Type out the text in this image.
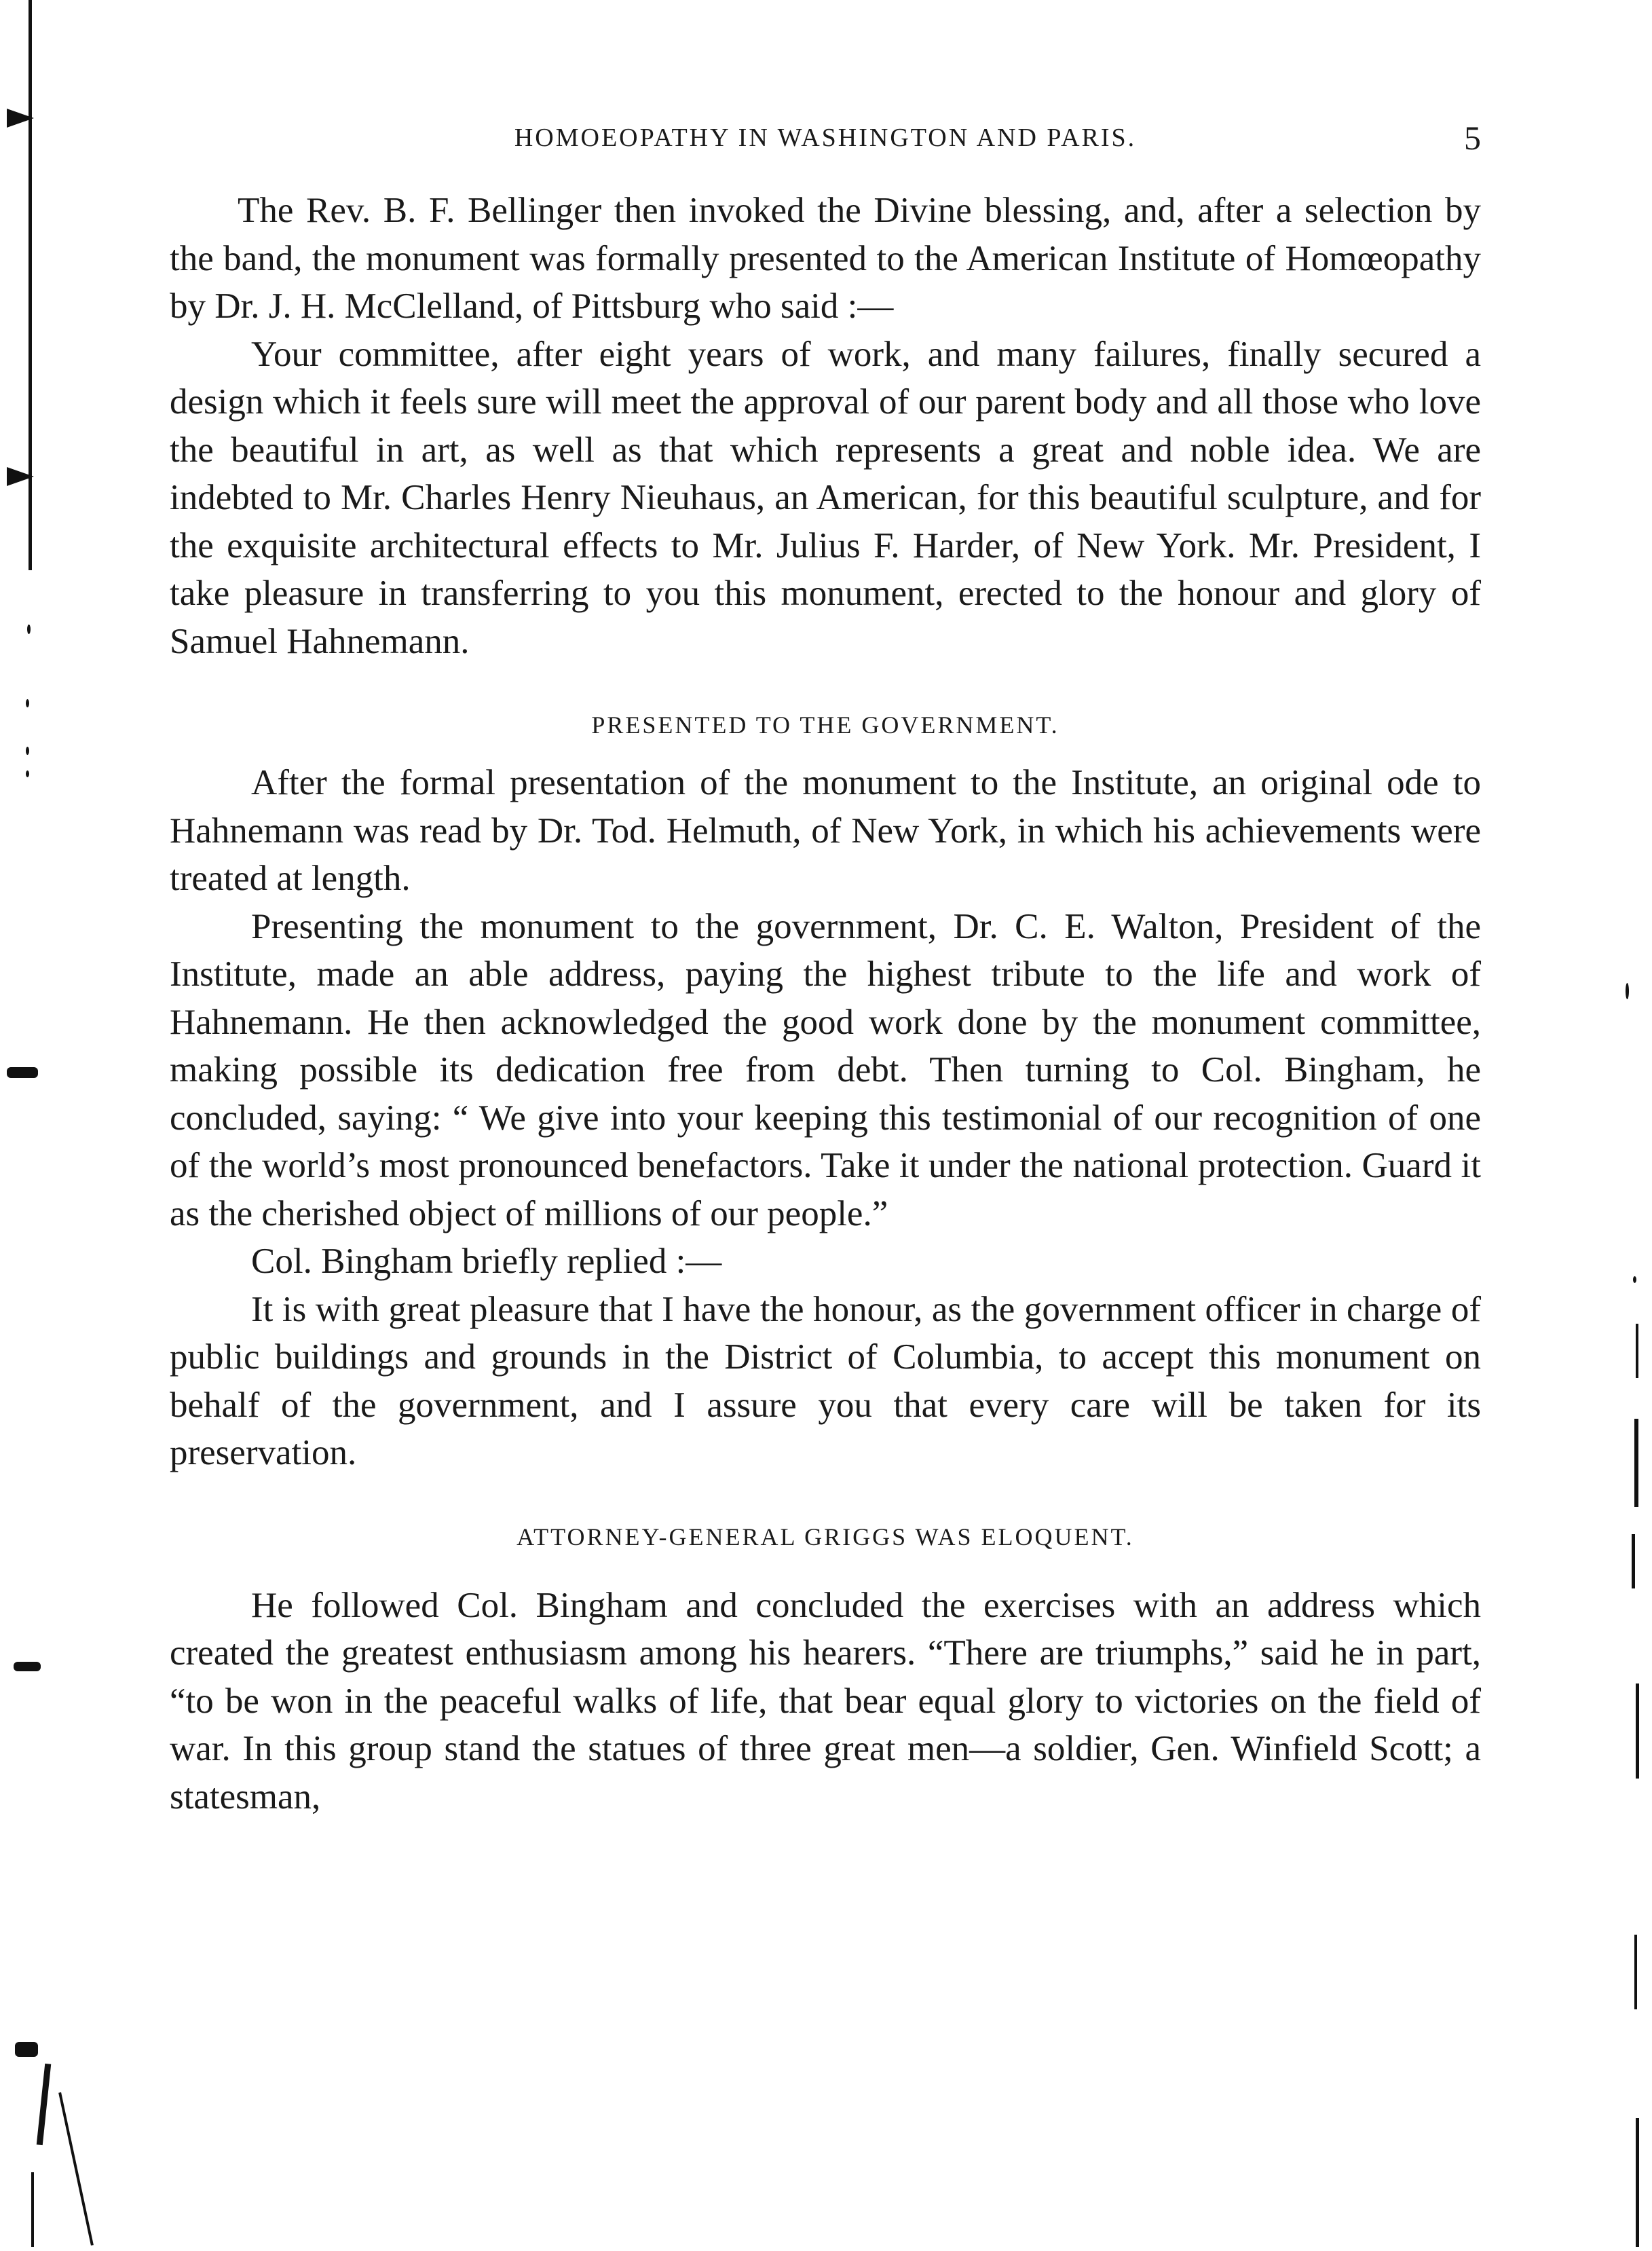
HOMOEOPATHY IN WASHINGTON AND PARIS.	5

The Rev. B. F. Bellinger then invoked the Divine blessing, and, after a selection by the band, the monument was formally presented to the American Institute of Homœopathy by Dr. J. H. McClelland, of Pittsburg who said :—

Your committee, after eight years of work, and many failures, finally secured a design which it feels sure will meet the approval of our parent body and all those who love the beautiful in art, as well as that which represents a great and noble idea. We are indebted to Mr. Charles Henry Nieuhaus, an American, for this beautiful sculpture, and for the exquisite architectural effects to Mr. Julius F. Harder, of New York. Mr. President, I take pleasure in transferring to you this monument, erected to the honour and glory of Samuel Hahnemann.

PRESENTED TO THE GOVERNMENT.

After the formal presentation of the monument to the Institute, an original ode to Hahnemann was read by Dr. Tod. Helmuth, of New York, in which his achievements were treated at length.

Presenting the monument to the government, Dr. C. E. Walton, President of the Institute, made an able address, paying the highest tribute to the life and work of Hahnemann. He then acknowledged the good work done by the monument committee, making possible its dedication free from debt. Then turning to Col. Bingham, he concluded, saying: “ We give into your keeping this testimonial of our recognition of one of the world’s most pronounced benefactors. Take it under the national protection. Guard it as the cherished object of millions of our people.”

Col. Bingham briefly replied :—

It is with great pleasure that I have the honour, as the government officer in charge of public buildings and grounds in the District of Columbia, to accept this monument on behalf of the government, and I assure you that every care will be taken for its preservation.

ATTORNEY-GENERAL GRIGGS WAS ELOQUENT.

He followed Col. Bingham and concluded the exercises with an address which created the greatest enthusiasm among his hearers. “There are triumphs,” said he in part, “to be won in the peaceful walks of life, that bear equal glory to victories on the field of war. In this group stand the statues of three great men—a soldier, Gen. Winfield Scott; a statesman,
